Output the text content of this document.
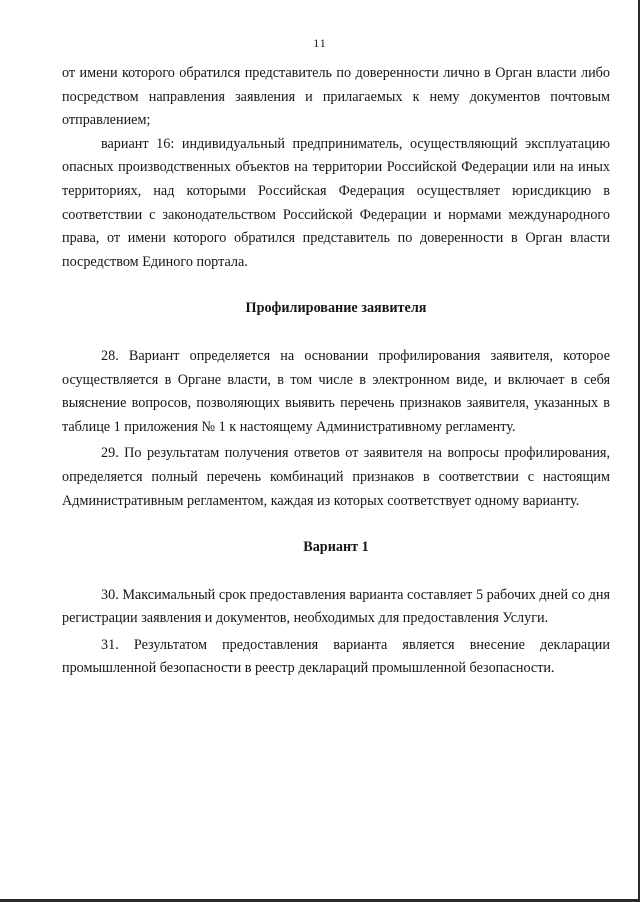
11

от имени которого обратился представитель по доверенности лично в Орган власти либо посредством направления заявления и прилагаемых к нему документов почтовым отправлением;

вариант 16: индивидуальный предприниматель, осуществляющий эксплуатацию опасных производственных объектов на территории Российской Федерации или на иных территориях, над которыми Российская Федерация осуществляет юрисдикцию в соответствии с законодательством Российской Федерации и нормами международного права, от имени которого обратился представитель по доверенности в Орган власти посредством Единого портала.

Профилирование заявителя

28. Вариант определяется на основании профилирования заявителя, которое осуществляется в Органе власти, в том числе в электронном виде, и включает в себя выяснение вопросов, позволяющих выявить перечень признаков заявителя, указанных в таблице 1 приложения № 1 к настоящему Административному регламенту.

29. По результатам получения ответов от заявителя на вопросы профилирования, определяется полный перечень комбинаций признаков в соответствии с настоящим Административным регламентом, каждая из которых соответствует одному варианту.

Вариант 1

30. Максимальный срок предоставления варианта составляет 5 рабочих дней со дня регистрации заявления и документов, необходимых для предоставления Услуги.

31. Результатом предоставления варианта является внесение декларации промышленной безопасности в реестр деклараций промышленной безопасности.
